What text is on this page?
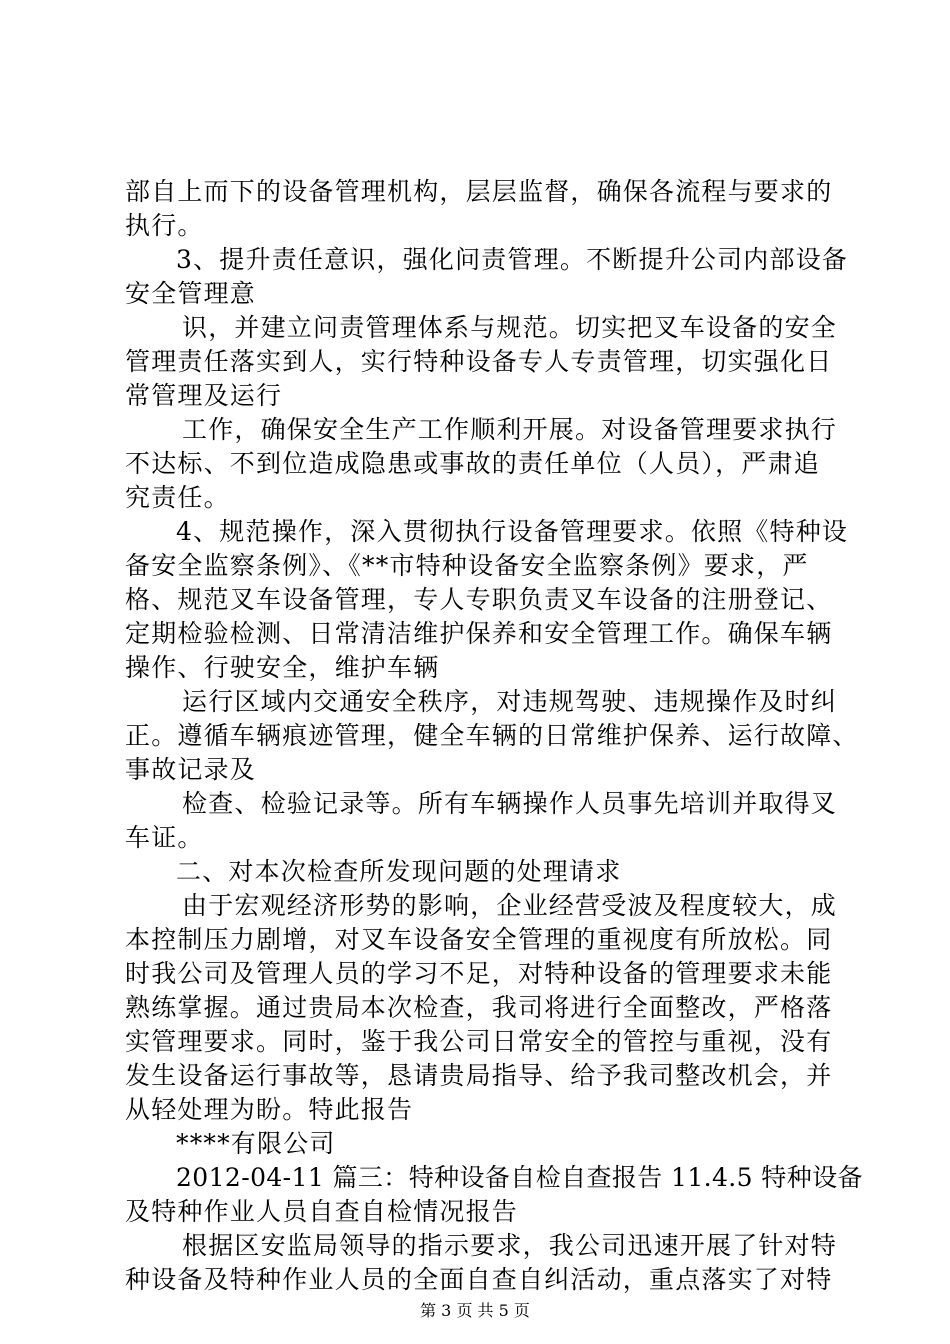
部自上而下的设备管理机构，层层监督，确保各流程与要求的
执行。
3、提升责任意识，强化问责管理。不断提升公司内部设备
安全管理意
识，并建立问责管理体系与规范。切实把叉车设备的安全
管理责任落实到人，实行特种设备专人专责管理，切实强化日
常管理及运行
工作，确保安全生产工作顺利开展。对设备管理要求执行
不达标、不到位造成隐患或事故的责任单位（人员），严肃追
究责任。
4、规范操作，深入贯彻执行设备管理要求。依照《特种设
备安全监察条例》、《**市特种设备安全监察条例》要求，严
格、规范叉车设备管理，专人专职负责叉车设备的注册登记、
定期检验检测、日常清洁维护保养和安全管理工作。确保车辆
操作、行驶安全，维护车辆
运行区域内交通安全秩序，对违规驾驶、违规操作及时纠
正。遵循车辆痕迹管理，健全车辆的日常维护保养、运行故障、
事故记录及
检查、检验记录等。所有车辆操作人员事先培训并取得叉
车证。
二、对本次检查所发现问题的处理请求
由于宏观经济形势的影响，企业经营受波及程度较大，成
本控制压力剧增，对叉车设备安全管理的重视度有所放松。同
时我公司及管理人员的学习不足，对特种设备的管理要求未能
熟练掌握。通过贵局本次检查，我司将进行全面整改，严格落
实管理要求。同时，鉴于我公司日常安全的管控与重视，没有
发生设备运行事故等，恳请贵局指导、给予我司整改机会，并
从轻处理为盼。特此报告
****有限公司
2012-04-11 篇三：特种设备自检自查报告 11.4.5 特种设备
及特种作业人员自查自检情况报告
根据区安监局领导的指示要求，我公司迅速开展了针对特
种设备及特种作业人员的全面自查自纠活动，重点落实了对特
第 3 页 共 5 页
